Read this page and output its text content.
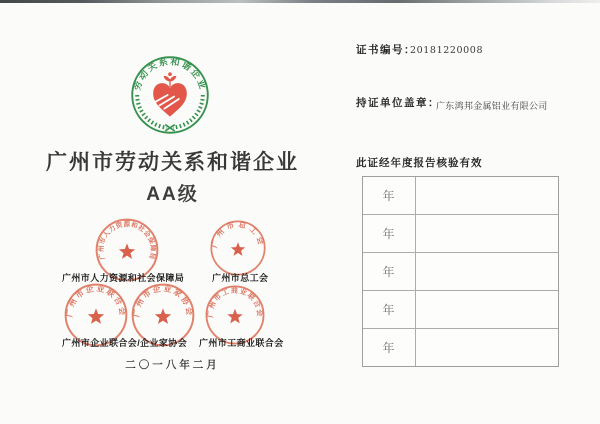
劳动关系和谐企业
广州市劳动关系和谐企业
AA级
广州市人力资源和社会保障局
广州市总工会
广州市企业联合会 广州市企业家协会 广州市工商业联合会
广州市人力资源和社会保障局	广州市总工会
广州市企业联合会/企业家协会 广州市工商业联合会
二〇一八年二月
证书编号：
20181220008
持证单位盖章：
广东鸿邦金属铝业有限公司
此证经年度报告核验有效
年
年
年
年
年
